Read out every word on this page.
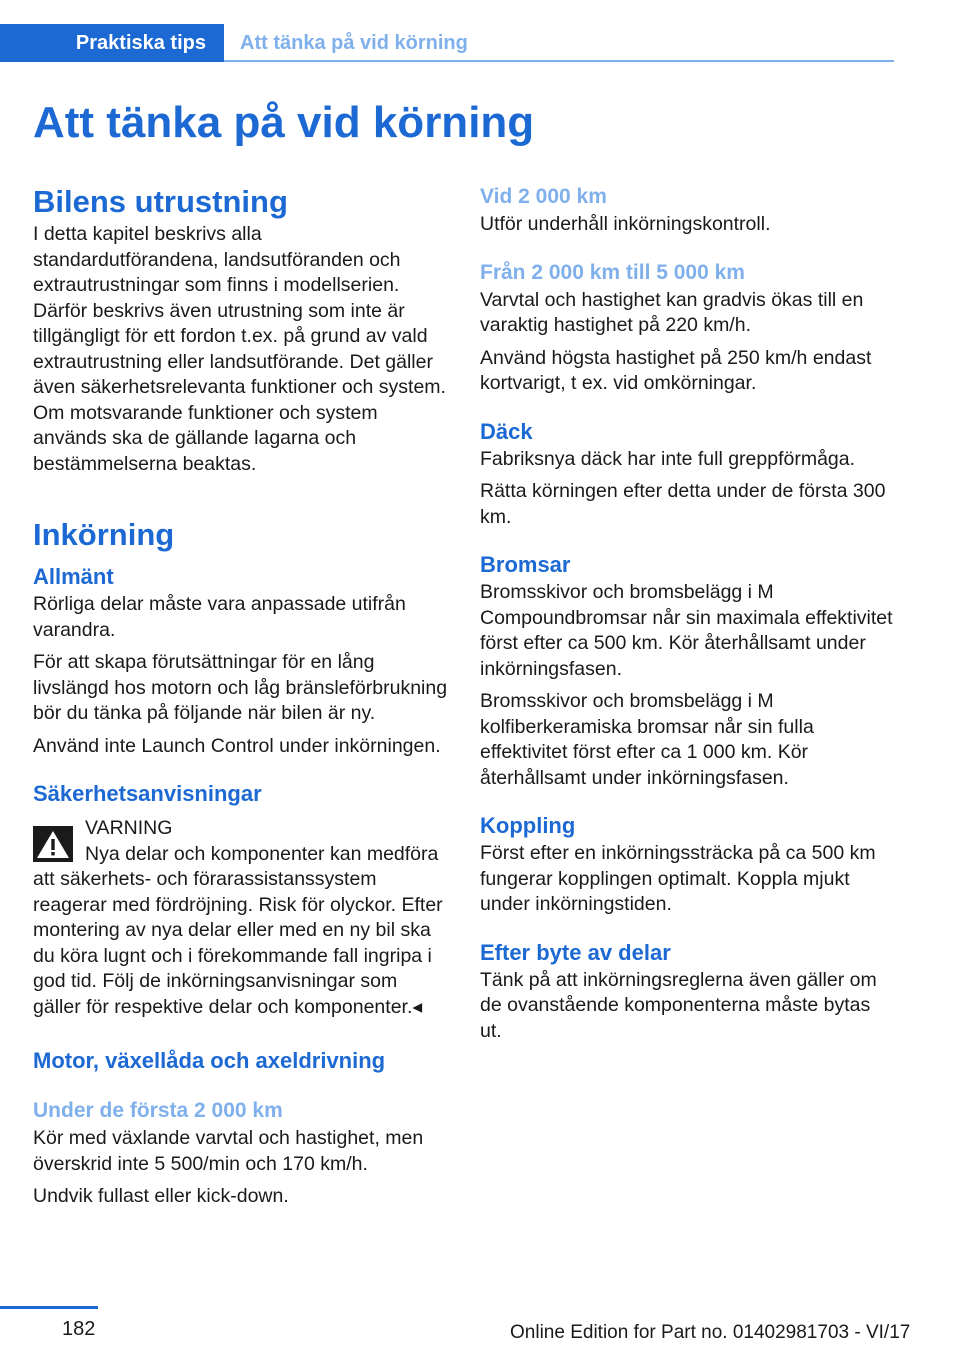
Praktiska tips	Att tänka på vid körning
Att tänka på vid körning
Bilens utrustning

I detta kapitel beskrivs alla standardutförandena, landsutföranden och extrautrustningar som finns i modellserien. Därför beskrivs även utrustning som inte är tillgängligt för ett fordon t.ex. på grund av vald extrautrustning eller landsutförande. Det gäller även säkerhetsrelevanta funktioner och system. Om motsvarande funktioner och system används ska de gällande lagarna och bestämmelserna beaktas.

Inkörning
Allmänt

Rörliga delar måste vara anpassade utifrån varandra.

För att skapa förutsättningar för en lång livslängd hos motorn och låg bränsleförbrukning bör du tänka på följande när bilen är ny.

Använd inte Launch Control under inkörningen.

Säkerhetsanvisningar
VARNING
Nya delar och komponenter kan medföra
att säkerhets- och förarassistanssystem reagerar med fördröjning. Risk för olyckor. Efter montering av nya delar eller med en ny bil ska du köra lugnt och i förekommande fall ingripa i god tid. Följ de inkörningsanvisningar som gäller för respektive delar och komponenter.◂
Motor, växellåda och axeldrivning
Under de första 2 000 km

Kör med växlande varvtal och hastighet, men överskrid inte 5 500/min och 170 km/h.

Undvik fullast eller kick-down.

Vid 2 000 km

Utför underhåll inkörningskontroll.

Från 2 000 km till 5 000 km

Varvtal och hastighet kan gradvis ökas till en varaktig hastighet på 220 km/h.

Använd högsta hastighet på 250 km/h endast kortvarigt, t ex. vid omkörningar.

Däck

Fabriksnya däck har inte full greppförmåga.

Rätta körningen efter detta under de första 300 km.

Bromsar

Bromsskivor och bromsbelägg i M Compoundbromsar når sin maximala effektivitet först efter ca 500 km. Kör återhållsamt under inkörningsfasen.

Bromsskivor och bromsbelägg i M kolfiberkeramiska bromsar når sin fulla effektivitet först efter ca 1 000 km. Kör återhållsamt under inkörningsfasen.

Koppling

Först efter en inkörningssträcka på ca 500 km fungerar kopplingen optimalt. Koppla mjukt under inkörningstiden.

Efter byte av delar

Tänk på att inkörningsreglerna även gäller om de ovanstående komponenterna måste bytas ut.

182	Online Edition for Part no. 01402981703 - VI/17
